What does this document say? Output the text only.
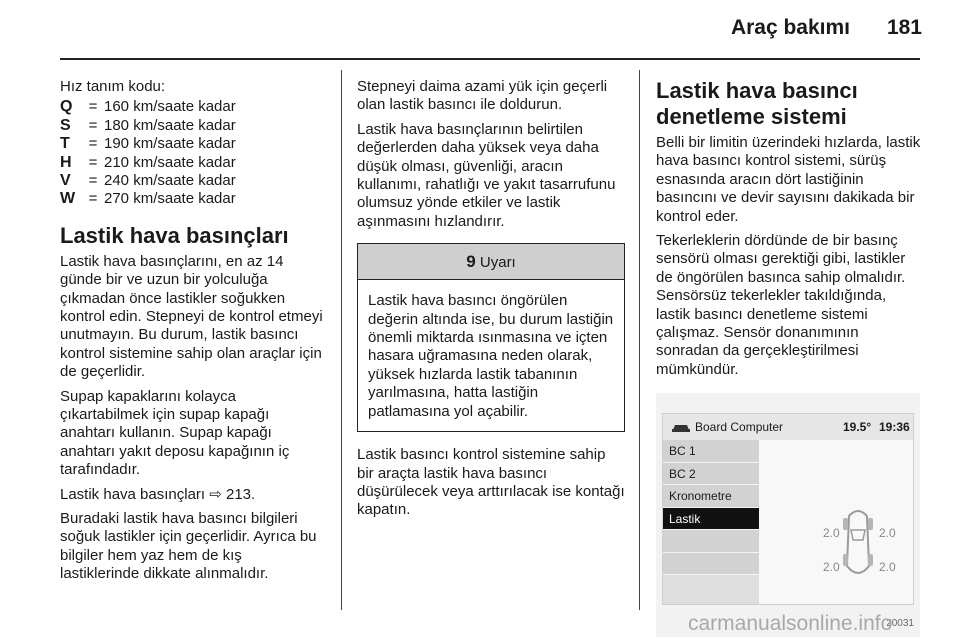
Araç bakımı 181

Hız tanım kodu:

Q	= 160 km/saate kadar
S	= 180 km/saate kadar
T	= 190 km/saate kadar
H	= 210 km/saate kadar
V	= 240 km/saate kadar
W = 270 km/saate kadar
Lastik hava basınçları

Lastik hava basınçlarını, en az 14 günde bir ve uzun bir yolculuğa çıkmadan önce lastikler soğukken kontrol edin. Stepneyi de kontrol etmeyi unutmayın. Bu durum, lastik basıncı kontrol sistemine sahip olan araçlar için de geçerlidir.

Supap kapaklarını kolayca çıkartabilmek için supap kapağı anahtarı kullanın. Supap kapağı anahtarı yakıt deposu kapağının iç tarafındadır.

Lastik hava basınçları ⇨ 213.

Buradaki lastik hava basıncı bilgileri soğuk lastikler için geçerlidir. Ayrıca bu bilgiler hem yaz hem de kış lastiklerinde dikkate alınmalıdır.

Stepneyi daima azami yük için geçerli olan lastik basıncı ile doldurun.

Lastik hava basınçlarının belirtilen değerlerden daha yüksek veya daha düşük olması, güvenliği, aracın kullanımı, rahatlığı ve yakıt tasarrufunu olumsuz yönde etkiler ve lastik aşınmasını hızlandırır.

9 Uyarı
Lastik hava basıncı öngörülen değerin altında ise, bu durum lastiğin önemli miktarda ısınmasına ve içten hasara uğramasına neden olarak, yüksek hızlarda lastik tabanının yarılmasına, hatta lastiğin patlamasına yol açabilir.

Lastik basıncı kontrol sistemine sahip bir araçta lastik hava basıncı düşürülecek veya arttırılacak ise kontağı kapatın.

Lastik hava basıncı denetleme sistemi

Belli bir limitin üzerindeki hızlarda, lastik hava basıncı kontrol sistemi, sürüş esnasında aracın dört lastiğinin basıncını ve devir sayısını dakikada bir kontrol eder.

Tekerleklerin dördünde de bir basınç sensörü olması gerektiği gibi, lastikler de öngörülen basınca sahip olmalıdır. Sensörsüz tekerlekler takıldığında, lastik basıncı denetleme sistemi çalışmaz. Sensör donanımının sonradan da gerçekleştirilmesi mümkündür.

Board Computer	19.5° 19:36
BC 1
BC 2
Kronometre
Lastik
2.0	2.0
2.0	2.0
20031
carmanualsonline.info
